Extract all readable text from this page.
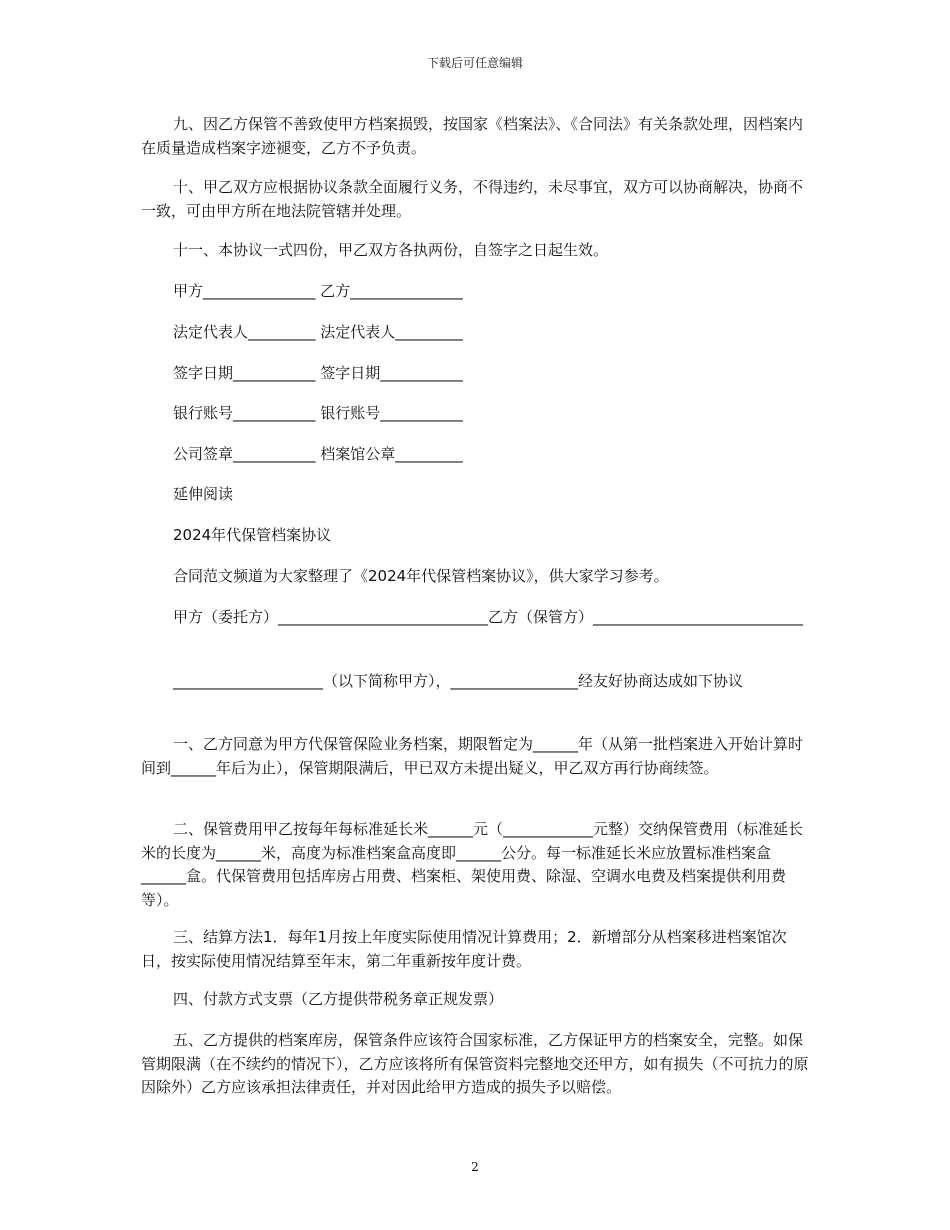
下载后可任意编辑

九、因乙方保管不善致使甲方档案损毁，按国家《档案法》、《合同法》有关条款处理，因档案内在质量造成档案字迹褪变，乙方不予负责。

十、甲乙双方应根据协议条款全面履行义务，不得违约，未尽事宜，双方可以协商解决，协商不一致，可由甲方所在地法院管辖并处理。

十一、本协议一式四份，甲乙双方各执两份，自签字之日起生效。

甲方_______________ 乙方_______________
法定代表人_________ 法定代表人_________
签字日期___________ 签字日期___________
银行账号___________ 银行账号___________
公司签章___________ 档案馆公章_________
延伸阅读
2024年代保管档案协议
合同范文频道为大家整理了《2024年代保管档案协议》，供大家学习参考。

甲方（委托方）____________________________乙方（保管方）____________________________

____________________（以下简称甲方），_________________经友好协商达成如下协议

一、乙方同意为甲方代保管保险业务档案，期限暂定为______年（从第一批档案进入开始计算时间到______年后为止），保管期限满后，甲已双方未提出疑义，甲乙双方再行协商续签。

二、保管费用甲乙按每年每标准延长米______元（____________元整）交纳保管费用（标准延长米的长度为______米，高度为标准档案盒高度即______公分。每一标准延长米应放置标准档案盒______盒。代保管费用包括库房占用费、档案柜、架使用费、除湿、空调水电费及档案提供利用费等）。

三、结算方法1．每年1月按上年度实际使用情况计算费用；2．新增部分从档案移进档案馆次日，按实际使用情况结算至年末，第二年重新按年度计费。

四、付款方式支票（乙方提供带税务章正规发票）

五、乙方提供的档案库房，保管条件应该符合国家标准，乙方保证甲方的档案安全，完整。如保管期限满（在不续约的情况下），乙方应该将所有保管资料完整地交还甲方，如有损失（不可抗力的原因除外）乙方应该承担法律责任，并对因此给甲方造成的损失予以赔偿。

2
